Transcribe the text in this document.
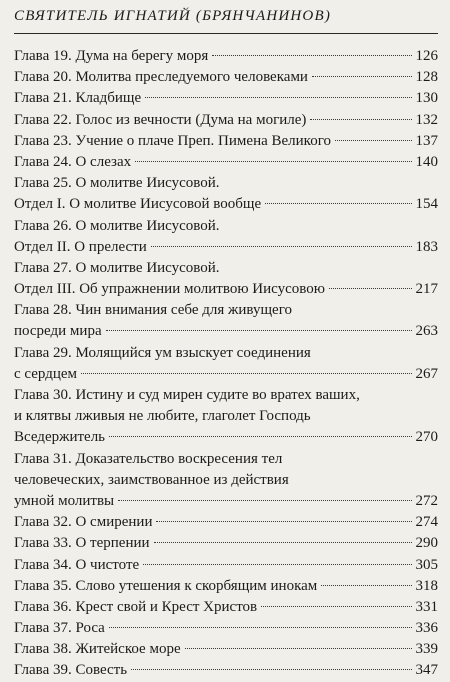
СВЯТИТЕЛЬ ИГНАТИЙ (БРЯНЧАНИНОВ)
Глава 19. Дума на берегу моря	126
Глава 20. Молитва преследуемого человеками	128
Глава 21. Кладбище	130
Глава 22. Голос из вечности (Дума на могиле)	132
Глава 23. Учение о плаче Преп. Пимена Великого	137
Глава 24. О слезах	140
Глава 25. О молитве Иисусовой.
Отдел I. О молитве Иисусовой вообще	154
Глава 26. О молитве Иисусовой.
Отдел II. О прелести	183
Глава 27. О молитве Иисусовой.
Отдел III. Об упражнении молитвою Иисусовою	217
Глава 28. Чин внимания себе для живущего
посреди мира	263
Глава 29. Молящийся ум взыскует соединения
с сердцем	267
Глава 30. Истину и суд мирен судите во вратех ваших,
и клятвы лживыя не любите, глаголет Господь
Вседержитель	270
Глава 31. Доказательство воскресения тел
человеческих, заимствованное из действия
умной молитвы	272
Глава 32. О смирении	274
Глава 33. О терпении	290
Глава 34. О чистоте	305
Глава 35. Слово утешения к скорбящим инокам	318
Глава 36. Крест свой и Крест Христов	331
Глава 37. Роса	336
Глава 38. Житейское море	339
Глава 39. Совесть	347
